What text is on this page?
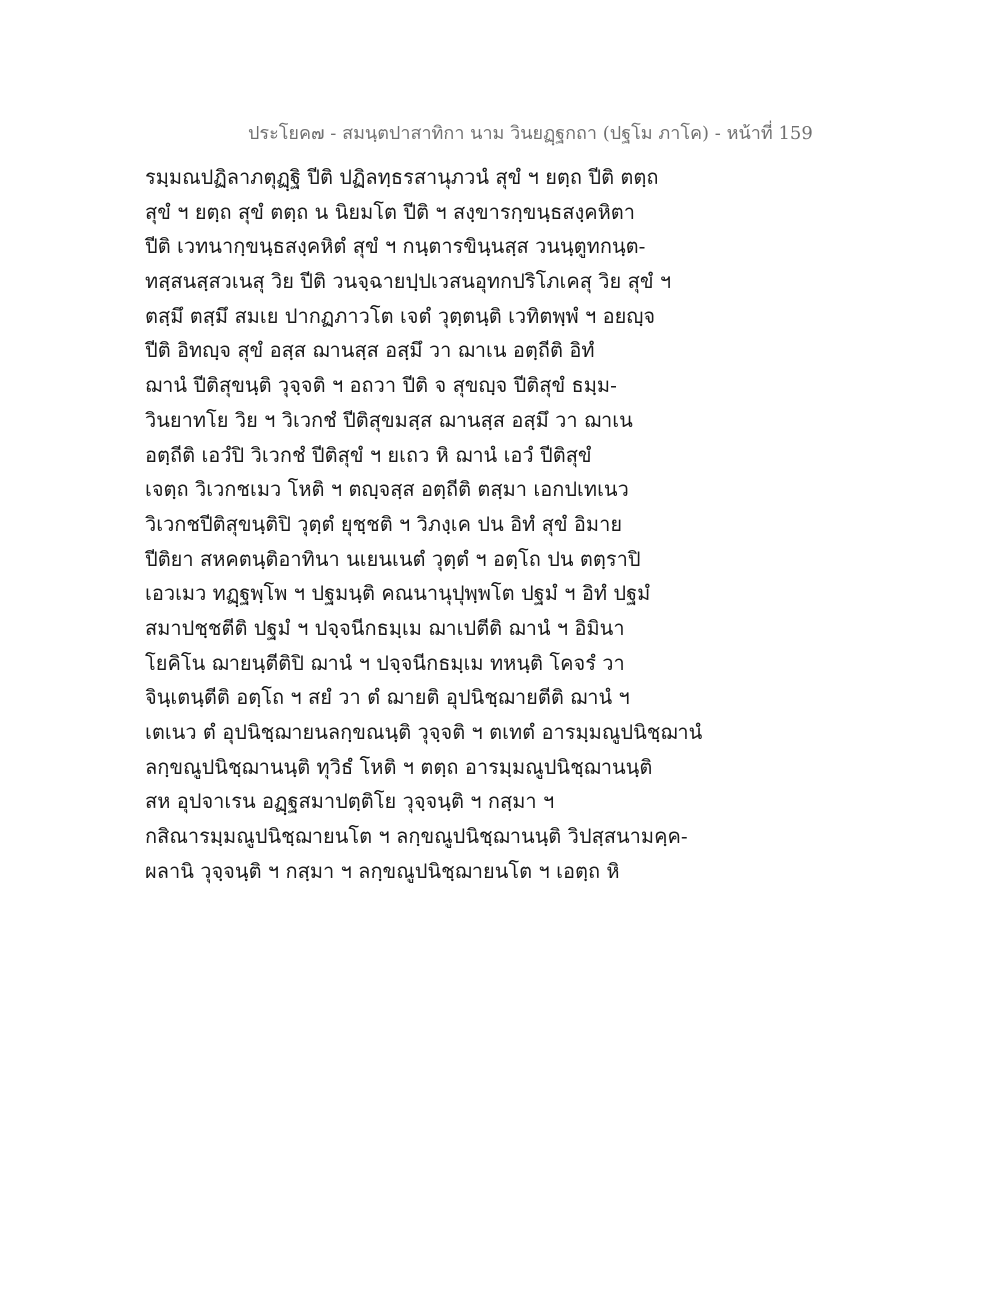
ประโยค๗ - สมนฺตปาสาทิกา นาม วินยฏฺฐกถา (ปฐโม ภาโค) - หน้าที่ 159
รมฺมณปฏิลาภตุฏฺฐิ ปีติ ปฏิลทฺธรสานุภวนํ สุขํ ฯ ยตฺถ ปีติ ตตฺถ
สุขํ ฯ ยตฺถ สุขํ ตตฺถ น นิยมโต ปีติ ฯ สงฺขารกฺขนฺธสงฺคหิตา
ปีติ เวทนากฺขนฺธสงฺคหิตํ สุขํ ฯ กนฺตารขินฺนสฺส วนนฺตูทกนฺต-
ทสฺสนสฺสวเนสุ วิย ปีติ วนจฺฉายปฺปเวสนอุทกปริโภเคสุ วิย สุขํ ฯ
ตสฺมึ ตสฺมึ สมเย ปากฏภาวโต เจตํ วุตฺตนฺติ เวทิตพฺพํ ฯ อยญฺจ
ปีติ อิทญฺจ สุขํ อสฺส ฌานสฺส อสฺมึ วา ฌาเน อตฺถีติ อิทํ
ฌานํ ปีติสุขนฺติ วุจฺจติ ฯ อถวา ปีติ จ สุขญฺจ ปีติสุขํ ธมฺม-
วินยาทโย วิย ฯ วิเวกชํ ปีติสุขมสฺส ฌานสฺส อสฺมึ วา ฌาเน
อตฺถีติ เอวํปิ วิเวกชํ ปีติสุขํ ฯ ยเถว หิ ฌานํ เอวํ ปีติสุขํ
เจตฺถ วิเวกชเมว โหติ ฯ ตญฺจสฺส อตฺถีติ ตสฺมา เอกปเทเนว
วิเวกชปีติสุขนฺติปิ วุตฺตํ ยุชฺชติ ฯ วิภงฺเค ปน อิทํ สุขํ อิมาย
ปีติยา สหคตนฺติอาทินา นเยนเนตํ วุตฺตํ ฯ อตฺโถ ปน ตตฺราปิ
เอวเมว ทฏฺฐพฺโพ ฯ ปฐมนฺติ คณนานุปุพฺพโต ปฐมํ ฯ อิทํ ปฐมํ
สมาปชฺชตีติ ปฐมํ ฯ ปจฺจนีกธมฺเม ฌาเปตีติ ฌานํ ฯ อิมินา
โยคิโน ฌายนฺตีติปิ ฌานํ ฯ ปจฺจนีกธมฺเม ทหนฺติ โคจรํ วา
จินฺเตนฺตีติ อตฺโถ ฯ สยํ วา ตํ ฌายติ อุปนิชฺฌายตีติ ฌานํ ฯ
เตเนว ตํ อุปนิชฺฌายนลกฺขณนฺติ วุจฺจติ ฯ ตเทตํ อารมฺมณูปนิชฺฌานํ
ลกฺขณูปนิชฺฌานนฺติ ทุวิธํ โหติ ฯ ตตฺถ อารมฺมณูปนิชฺฌานนฺติ
สห อุปจาเรน อฏฺฐสมาปตฺติโย วุจฺจนฺติ ฯ กสฺมา ฯ
กสิณารมฺมณูปนิชฺฌายนโต ฯ ลกฺขณูปนิชฺฌานนฺติ วิปสฺสนามคฺค-
ผลานิ วุจฺจนฺติ ฯ กสฺมา ฯ ลกฺขณูปนิชฺฌายนโต ฯ เอตฺถ หิ
